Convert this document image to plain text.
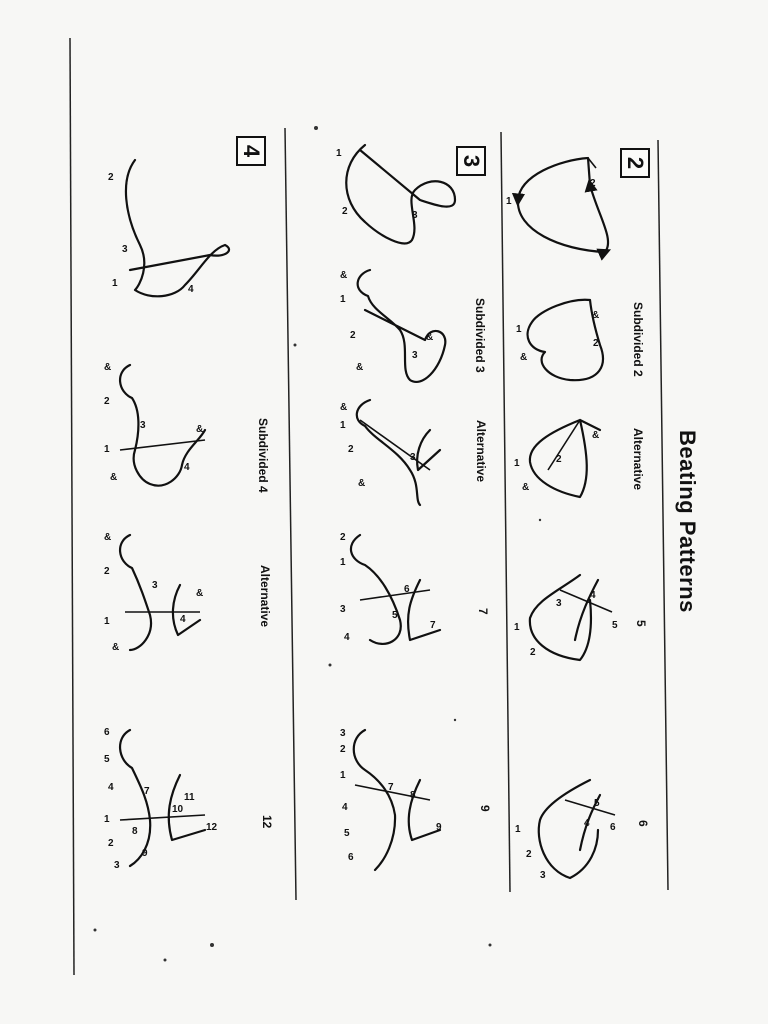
Beating Patterns
2
Subdivided 2
Alternative
5
6
3
Subdivided 3
Alternative
7
9
4
Subdivided 4
Alternative
12
1
2
1
&
&
2
1
&
2
&
1
2
3
4
5
1
2
3
4
5
6
1
2	3
&
1
2
&
3
&
&
1
2
&
3
2
1
3
4
5
6
7
3
2
1
4
5
6
7
8
9
2
3
1
4
&
2
3
1
&
4
&
&
2
3
1
&
4
&
6
5
4	7
1
2
3
8
9
10
11
12
